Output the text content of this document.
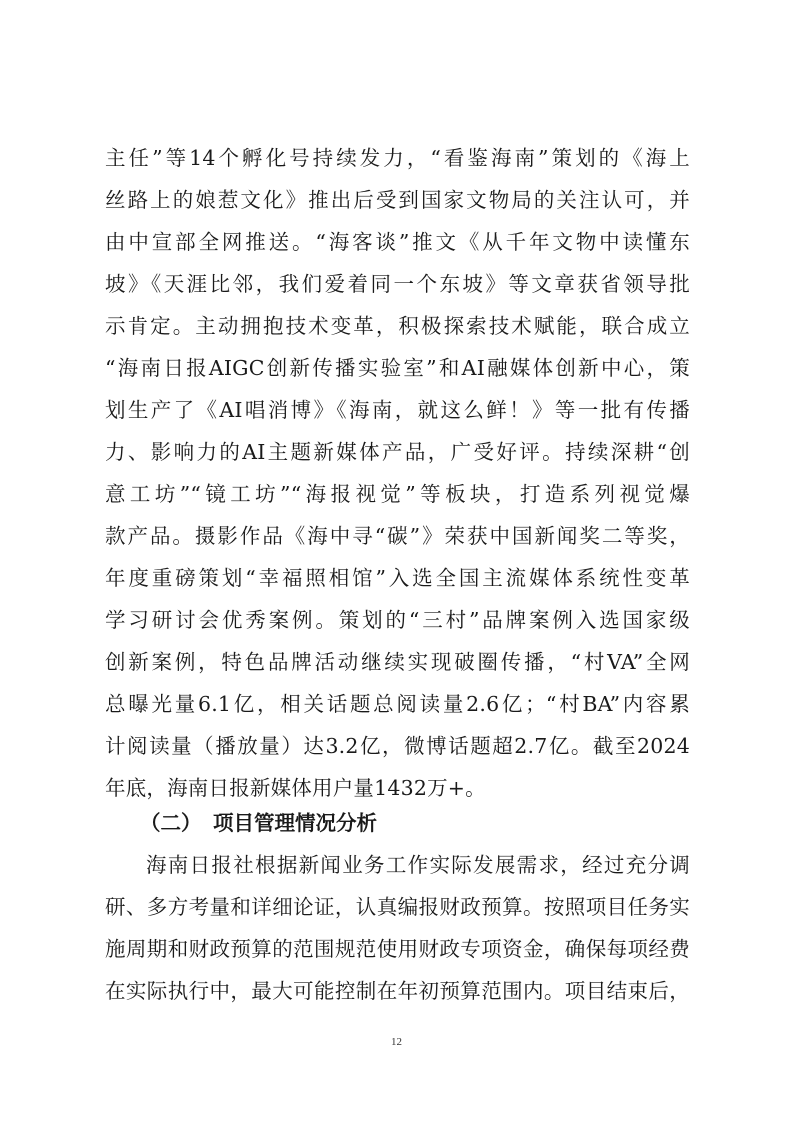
主任”等14个孵化号持续发力，“看鉴海南”策划的《海上
丝路上的娘惹文化》推出后受到国家文物局的关注认可，并
由中宣部全网推送。“海客谈”推文《从千年文物中读懂东
坡》《天涯比邻，我们爱着同一个东坡》等文章获省领导批
示肯定。主动拥抱技术变革，积极探索技术赋能，联合成立
“海南日报AIGC创新传播实验室”和AI融媒体创新中心，策
划生产了《AI唱消博》《海南，就这么鲜！》等一批有传播
力、影响力的AI主题新媒体产品，广受好评。持续深耕“创
意工坊”“镜工坊”“海报视觉”等板块，打造系列视觉爆
款产品。摄影作品《海中寻“碳”》荣获中国新闻奖二等奖，
年度重磅策划“幸福照相馆”入选全国主流媒体系统性变革
学习研讨会优秀案例。策划的“三村”品牌案例入选国家级
创新案例，特色品牌活动继续实现破圈传播，“村VA”全网
总曝光量6.1亿，相关话题总阅读量2.6亿；“村BA”内容累
计阅读量（播放量）达3.2亿，微博话题超2.7亿。截至2024
年底，海南日报新媒体用户量1432万+。
（二） 项目管理情况分析
海南日报社根据新闻业务工作实际发展需求，经过充分调
研、多方考量和详细论证，认真编报财政预算。按照项目任务实
施周期和财政预算的范围规范使用财政专项资金，确保每项经费
在实际执行中，最大可能控制在年初预算范围内。项目结束后，
12
